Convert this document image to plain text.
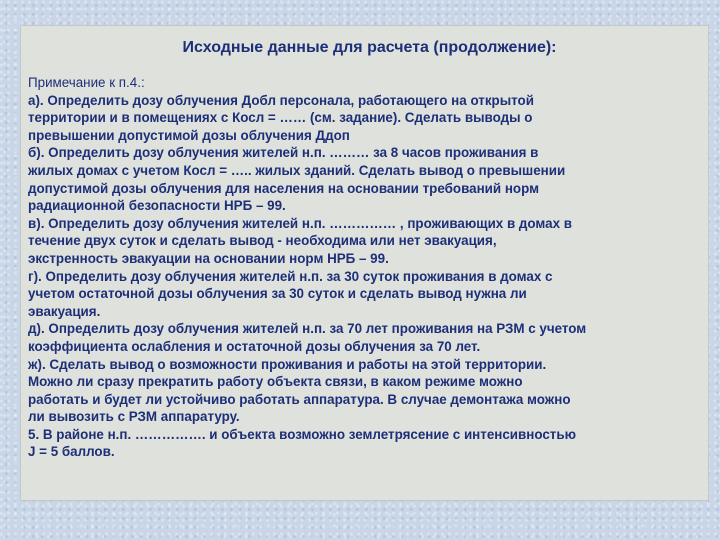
Исходные данные для расчета (продолжение):
Примечание к п.4.:
а). Определить дозу облучения Добл персонала, работающего на открытой
территории и в помещениях с Косл = …… (см. задание). Сделать выводы о
превышении допустимой дозы облучения Ддоп
б). Определить дозу облучения жителей н.п. ……… за 8 часов проживания в
жилых домах с учетом Косл = ….. жилых зданий. Сделать вывод о превышении
допустимой дозы облучения для населения на основании требований норм
радиационной безопасности НРБ – 99.
в). Определить дозу облучения жителей н.п. …………… , проживающих в домах в
течение двух суток и сделать вывод - необходима или нет эвакуация,
экстренность эвакуации на основании норм НРБ – 99.
г). Определить дозу облучения жителей н.п. за 30 суток проживания в домах с
учетом остаточной дозы облучения за 30 суток и сделать вывод нужна ли
эвакуация.
д). Определить дозу облучения жителей н.п. за 70 лет проживания на РЗМ с учетом
коэффициента ослабления и остаточной дозы облучения за 70 лет.
ж). Сделать вывод о возможности проживания и работы на этой территории.
Можно ли сразу прекратить работу объекта связи, в каком режиме можно
работать и будет ли устойчиво работать аппаратура. В случае демонтажа можно
ли вывозить с РЗМ аппаратуру.
5. В районе н.п. ……………. и объекта возможно землетрясение с интенсивностью
J = 5 баллов.
